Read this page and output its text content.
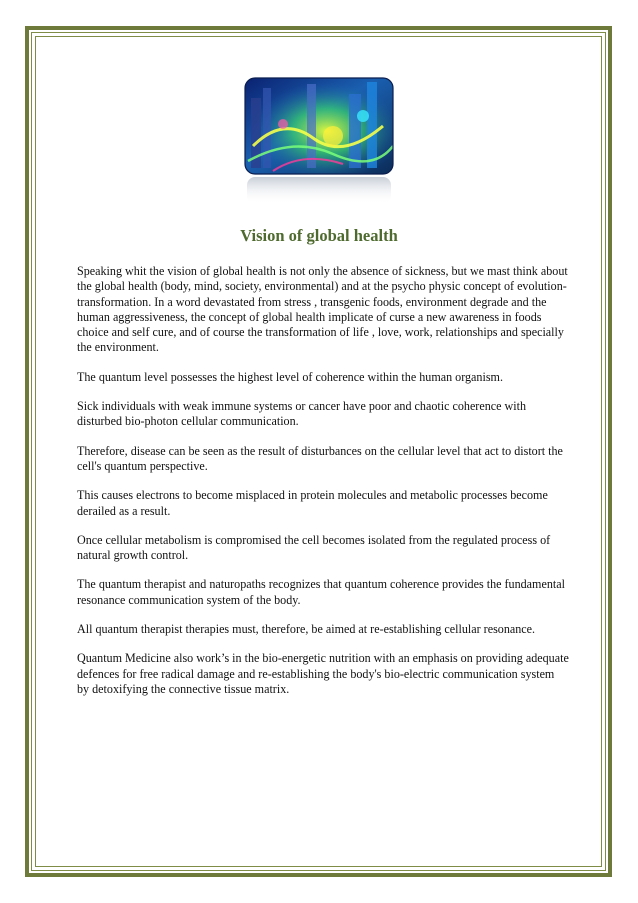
Vision of global health

Speaking whit the vision of global health is not only the absence of sickness, but we mast think about the global health (body, mind, society, environmental) and at the psycho physic concept of evolution-transformation. In a word devastated from stress , transgenic foods, environment degrade and the human aggressiveness, the concept of global health implicate of curse a new awareness in foods choice and self cure, and of course the transformation of life , love, work, relationships and specially the environment.

The quantum level possesses the highest level of coherence within the human organism.

Sick individuals with weak immune systems or cancer have poor and chaotic coherence with disturbed bio-photon cellular communication.

Therefore, disease can be seen as the result of disturbances on the cellular level that act to distort the cell's quantum perspective.

This causes electrons to become misplaced in protein molecules and metabolic processes become derailed as a result.

Once cellular metabolism is compromised the cell becomes isolated from the regulated process of natural growth control.

The quantum therapist and naturopaths recognizes that quantum coherence provides the fundamental resonance communication system of the body.

All quantum therapist therapies must, therefore, be aimed at re-establishing cellular resonance.

Quantum Medicine also work’s in the bio-energetic nutrition with an emphasis on providing adequate defences for free radical damage and re-establishing the body's bio-electric communication system by detoxifying the connective tissue matrix.
